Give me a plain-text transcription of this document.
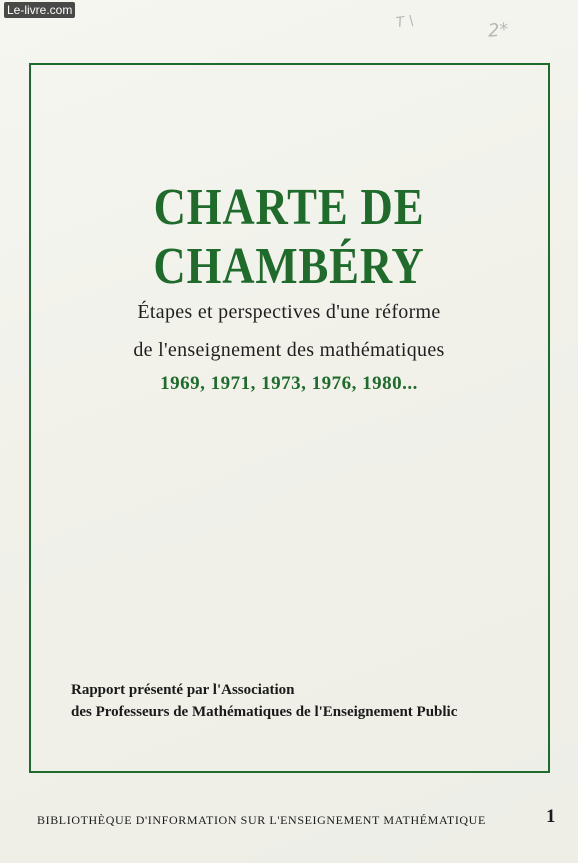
Le-livre.com
T \	2*
CHARTE DE CHAMBÉRY
Étapes et perspectives d'une réforme
de l'enseignement des mathématiques
1969, 1971, 1973, 1976, 1980...
Rapport présenté par l'Association
des Professeurs de Mathématiques de l'Enseignement Public
BIBLIOTHÈQUE D'INFORMATION SUR L'ENSEIGNEMENT MATHÉMATIQUE	1
